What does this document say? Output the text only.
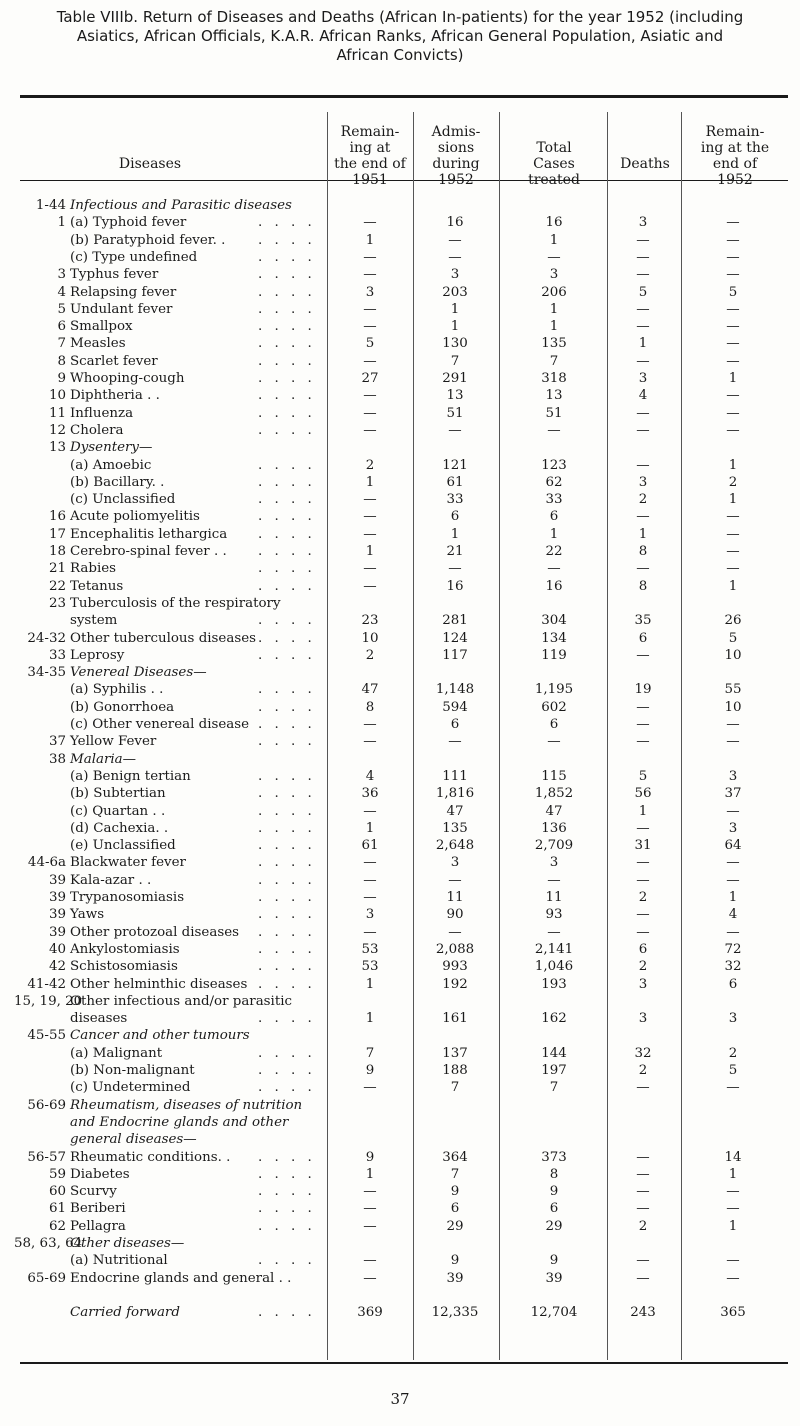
Table VIIIb. Return of Diseases and Deaths (African In-patients) for the year 1952 (including
Asiatics, African Officials, K.A.R. African Ranks, African General Population, Asiatic and
African Convicts)
Diseases
Remain-
ing at
the end of
1951
Admis-
sions
during
1952
Total
Cases
treated
Deaths
Remain-
ing at the
end of
1952
1-44 Infectious and Parasitic diseases
1 (a) Typhoid fever	. . . .	—	16	16	3	—
(b) Paratyphoid fever. . . . . .	1	—	1	—	—
(c) Type undefined	. . . .	—	—	—	—	—
3 Typhus fever	. . . .	—	3	3	—	—
4 Relapsing fever	. . . .	3	203	206	5	5
5 Undulant fever	. . . .	—	1	1	—	—
6 Smallpox	. . . .	—	1	1	—	—
7 Measles	. . . .	5	130	135	1	—
8 Scarlet fever	. . . .	—	7	7	—	—
9 Whooping-cough	. . . .	27	291	318	3	1
10 Diphtheria . .	. . . .	—	13	13	4	—
11 Influenza	. . . .	—	51	51	—	—
12 Cholera	. . . .	—	—	—	—	—
13 Dysentery—
(a) Amoebic	. . . .	2	121	123	—	1
(b) Bacillary. .	. . . .	1	61	62	3	2
(c) Unclassified	. . . .	—	33	33	2	1
16 Acute poliomyelitis	. . . .	—	6	6	—	—
17 Encephalitis lethargica . . . .	—	1	1	1	—
18 Cerebro-spinal fever . . . . . .	1	21	22	8	—
21 Rabies	. . . .	—	—	—	—	—
22 Tetanus	. . . .	—	16	16	8	1
23 Tuberculosis of the respiratory
system	. . . .	23	281	304	35	26
24-32 Other tuberculous diseases . . . .	10	124	134	6	5
33 Leprosy	. . . .	2	117	119	—	10
34-35 Venereal Diseases—
(a) Syphilis . .	. . . .	47	1,148	1,195	19	55
(b) Gonorrhoea	. . . .	8	594	602	—	10
(c) Other venereal disease . . . .	—	6	6	—	—
37 Yellow Fever	. . . .	—	—	—	—	—
38 Malaria—
(a) Benign tertian	. . . .	4	111	115	5	3
(b) Subtertian	. . . .	36	1,816	1,852	56	37
(c) Quartan . .	. . . .	—	47	47	1	—
(d) Cachexia. .	. . . .	1	135	136	—	3
(e) Unclassified	. . . .	61	2,648	2,709	31	64
44-6a Blackwater fever	. . . .	—	3	3	—	—
39 Kala-azar . .	. . . .	—	—	—	—	—
39 Trypanosomiasis	. . . .	—	11	11	2	1
39 Yaws	. . . .	3	90	93	—	4
39 Other protozoal diseases . . . .	—	—	—	—	—
40 Ankylostomiasis	. . . .	53	2,088	2,141	6	72
42 Schistosomiasis	. . . .	53	993	1,046	2	32
41-42 Other helminthic diseases . . . .	1	192	193	3	6
15, 19, 20
Other infectious and/or parasitic
diseases	. . . .	1	161	162	3	3
45-55 Cancer and other tumours
(a) Malignant	. . . .	7	137	144	32	2
(b) Non-malignant	. . . .	9	188	197	2	5
(c) Undetermined	. . . .	—	7	7	—	—
56-69 Rheumatism, diseases of nutrition
and Endocrine glands and other
general diseases—
56-57 Rheumatic conditions. . . . . .	9	364	373	—	14
59 Diabetes	. . . .	1	7	8	—	1
60 Scurvy	. . . .	—	9	9	—	—
61 Beriberi	. . . .	—	6	6	—	—
62 Pellagra	. . . .	—	29	29	2	1
58, 63, 64
Other diseases—
(a) Nutritional	. . . .	—	9	9	—	—
65-69 Endocrine glands and general . .	—	39	39	—	—
Carried forward	. . . .	369	12,335	12,704	243	365
37
